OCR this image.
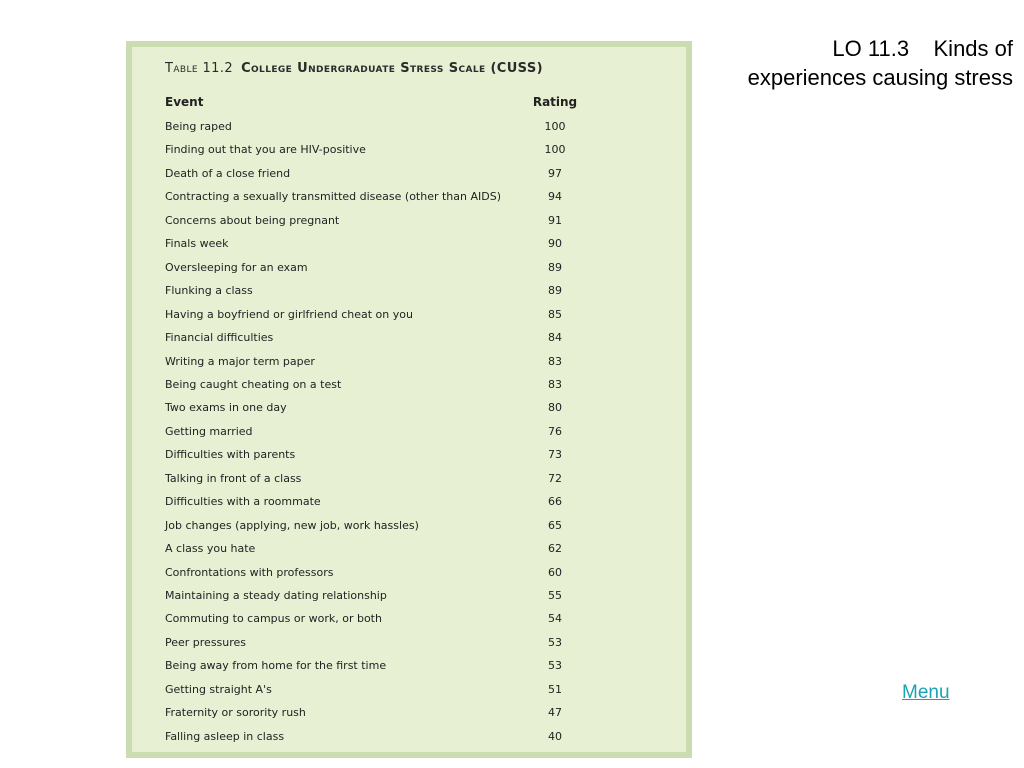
Table 11.2 College Undergraduate Stress Scale (CUSS)
Event	Rating
Being raped	100
Finding out that you are HIV-positive	100
Death of a close friend	97
Contracting a sexually transmitted disease (other than AIDS)	94
Concerns about being pregnant	91
Finals week	90
Oversleeping for an exam	89
Flunking a class	89
Having a boyfriend or girlfriend cheat on you	85
Financial difficulties	84
Writing a major term paper	83
Being caught cheating on a test	83
Two exams in one day	80
Getting married	76
Difficulties with parents	73
Talking in front of a class	72
Difficulties with a roommate	66
Job changes (applying, new job, work hassles)	65
A class you hate	62
Confrontations with professors	60
Maintaining a steady dating relationship	55
Commuting to campus or work, or both	54
Peer pressures	53
Being away from home for the first time	53
Getting straight A's	51
Fraternity or sorority rush	47
Falling asleep in class	40
LO 11.3    Kinds of
experiences causing stress
Menu
